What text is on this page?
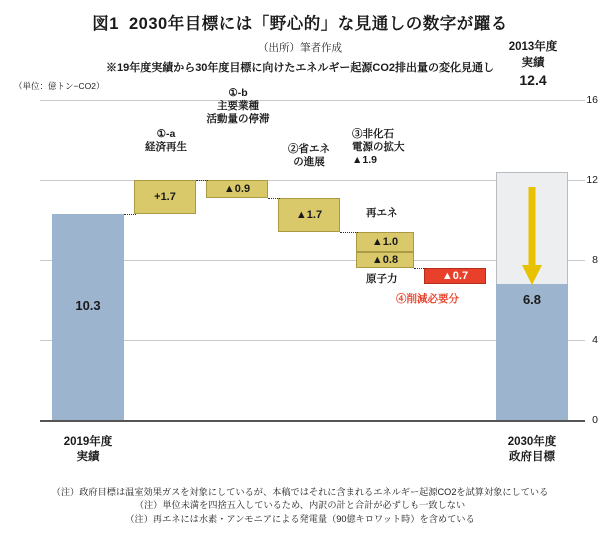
図1 2030年目標には「野心的」な見通しの数字が躍る
（出所）筆者作成
※19年度実績から30年度目標に向けたエネルギー起源CO2排出量の変化見通し
（単位：億トン−CO2）
16
12
8
4
0
10.3
+1.7
▲0.9
▲1.7
▲1.0
▲0.8
▲0.7
6.8
2013年度
実績
12.4
①-a
経済再生
①-b
主要業種
活動量の停滞
②省エネ
の進展
③非化石
電源の拡大
▲1.9
再エネ
原子力
④削減必要分
2019年度
実績
2030年度
政府目標
（注）政府目標は温室効果ガスを対象にしているが、本稿ではそれに含まれるエネルギー起源CO2を試算対象にしている
（注）単位未満を四捨五入しているため、内訳の計と合計が必ずしも一致しない
（注）再エネには水素・アンモニアによる発電量（90億キロワット時）を含めている
